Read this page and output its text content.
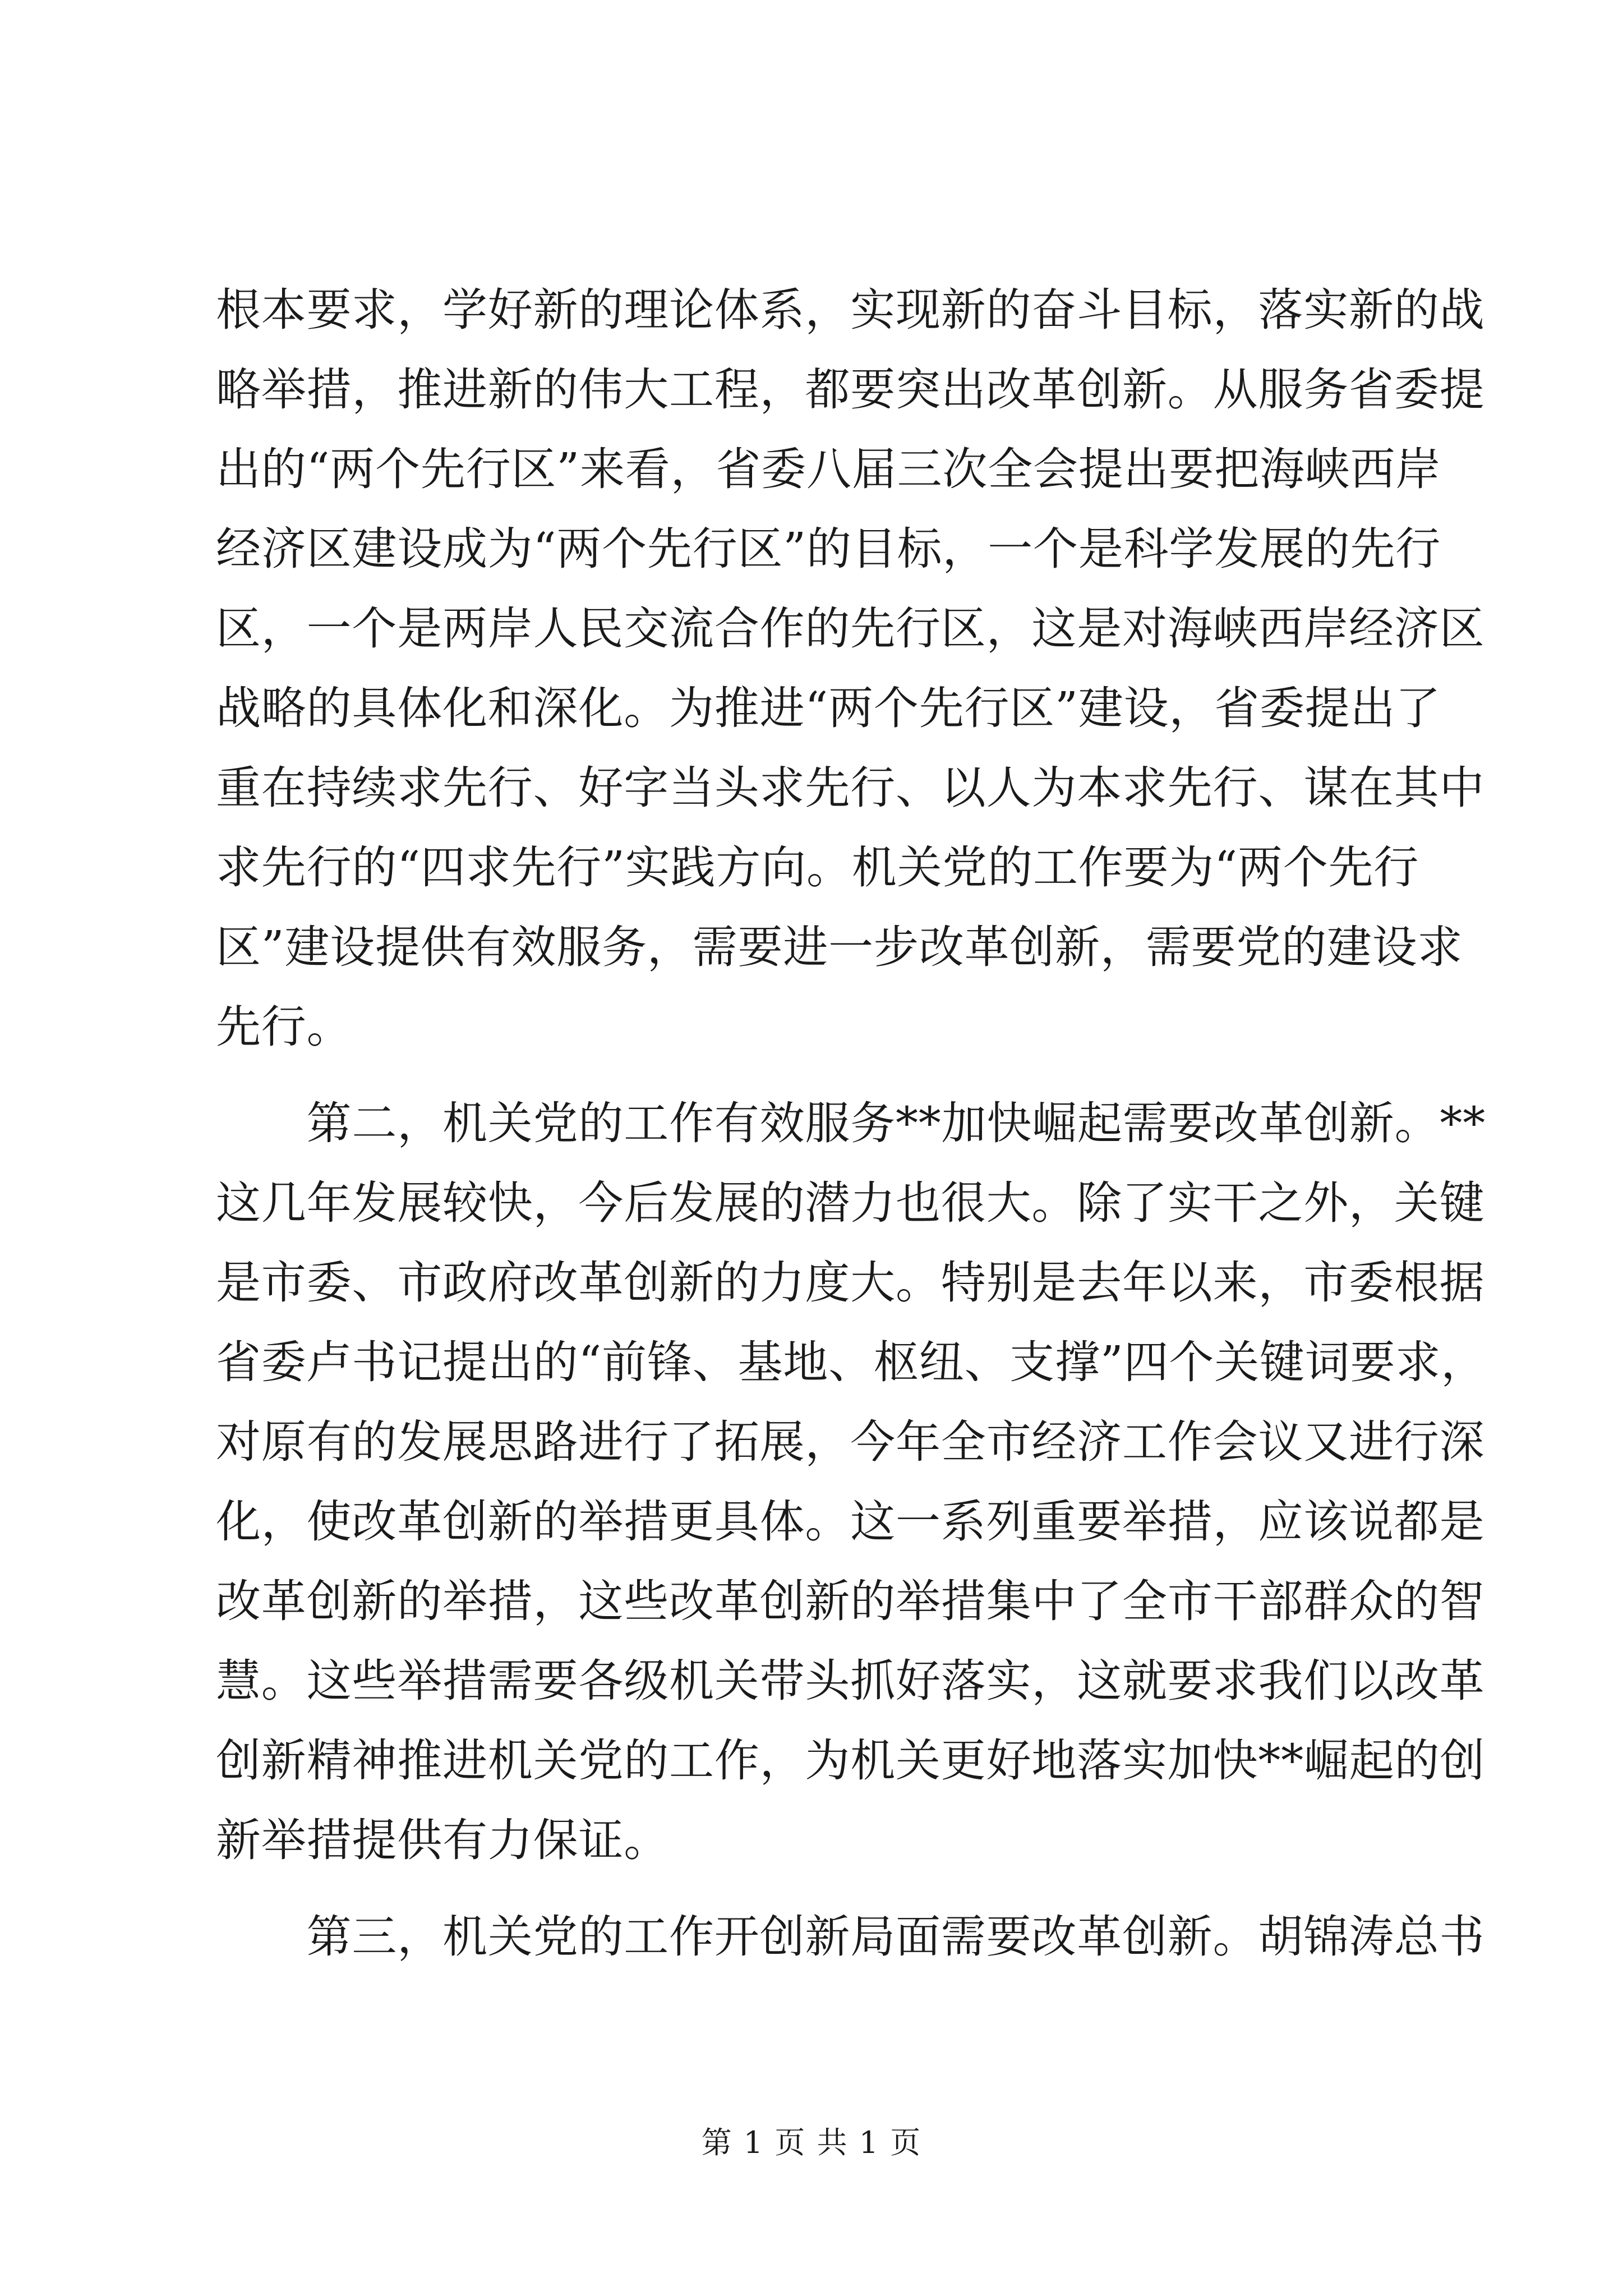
根本要求，学好新的理论体系，实现新的奋斗目标，落实新的战
略举措，推进新的伟大工程，都要突出改革创新。从服务省委提
出的“两个先行区”来看，省委八届三次全会提出要把海峡西岸
经济区建设成为“两个先行区”的目标，一个是科学发展的先行
区，一个是两岸人民交流合作的先行区，这是对海峡西岸经济区
战略的具体化和深化。为推进“两个先行区”建设，省委提出了
重在持续求先行、好字当头求先行、以人为本求先行、谋在其中
求先行的“四求先行”实践方向。机关党的工作要为“两个先行
区”建设提供有效服务，需要进一步改革创新，需要党的建设求
先行。
　　第二，机关党的工作有效服务**加快崛起需要改革创新。**
这几年发展较快，今后发展的潜力也很大。除了实干之外，关键
是市委、市政府改革创新的力度大。特别是去年以来，市委根据
省委卢书记提出的“前锋、基地、枢纽、支撑”四个关键词要求，
对原有的发展思路进行了拓展，今年全市经济工作会议又进行深
化，使改革创新的举措更具体。这一系列重要举措，应该说都是
改革创新的举措，这些改革创新的举措集中了全市干部群众的智
慧。这些举措需要各级机关带头抓好落实，这就要求我们以改革
创新精神推进机关党的工作，为机关更好地落实加快**崛起的创
新举措提供有力保证。
　　第三，机关党的工作开创新局面需要改革创新。胡锦涛总书
第 1 页 共 1 页
